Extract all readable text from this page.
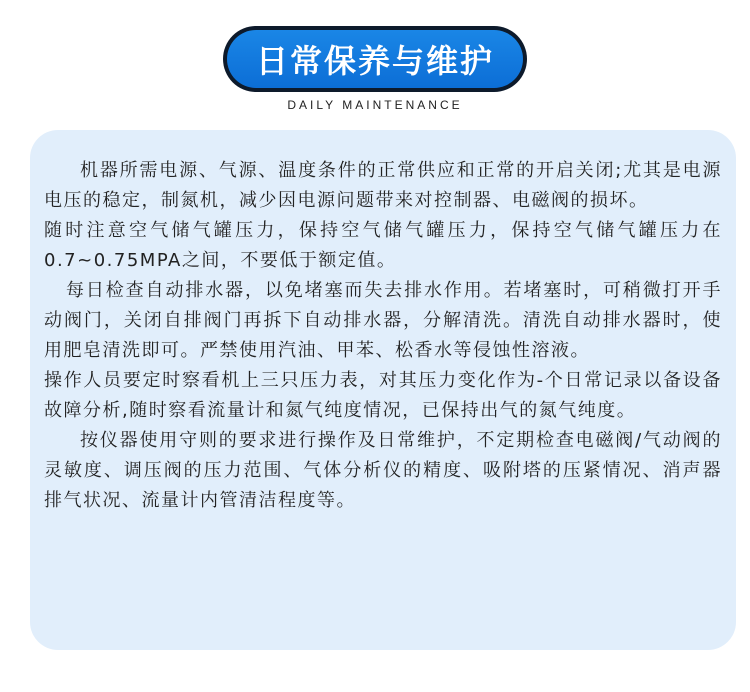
日常保养与维护
DAILY MAINTENANCE

机器所需电源、气源、温度条件的正常供应和正常的开启关闭;尤其是电源电压的稳定，制氮机，减少因电源问题带来对控制器、电磁阀的损坏。

随时注意空气储气罐压力，保持空气储气罐压力，保持空气储气罐压力在0.7~0.75MPA之间，不要低于额定值。

每日检查自动排水器，以免堵塞而失去排水作用。若堵塞时，可稍微打开手动阀门，关闭自排阀门再拆下自动排水器，分解清洗。清洗自动排水器时，使用肥皂清洗即可。严禁使用汽油、甲苯、松香水等侵蚀性溶液。

操作人员要定时察看机上三只压力表，对其压力变化作为-个日常记录以备设备故障分析,随时察看流量计和氮气纯度情况，已保持出气的氮气纯度。

按仪器使用守则的要求进行操作及日常维护，不定期检查电磁阀/气动阀的灵敏度、调压阀的压力范围、气体分析仪的精度、吸附塔的压紧情况、消声器排气状况、流量计内管清洁程度等。
